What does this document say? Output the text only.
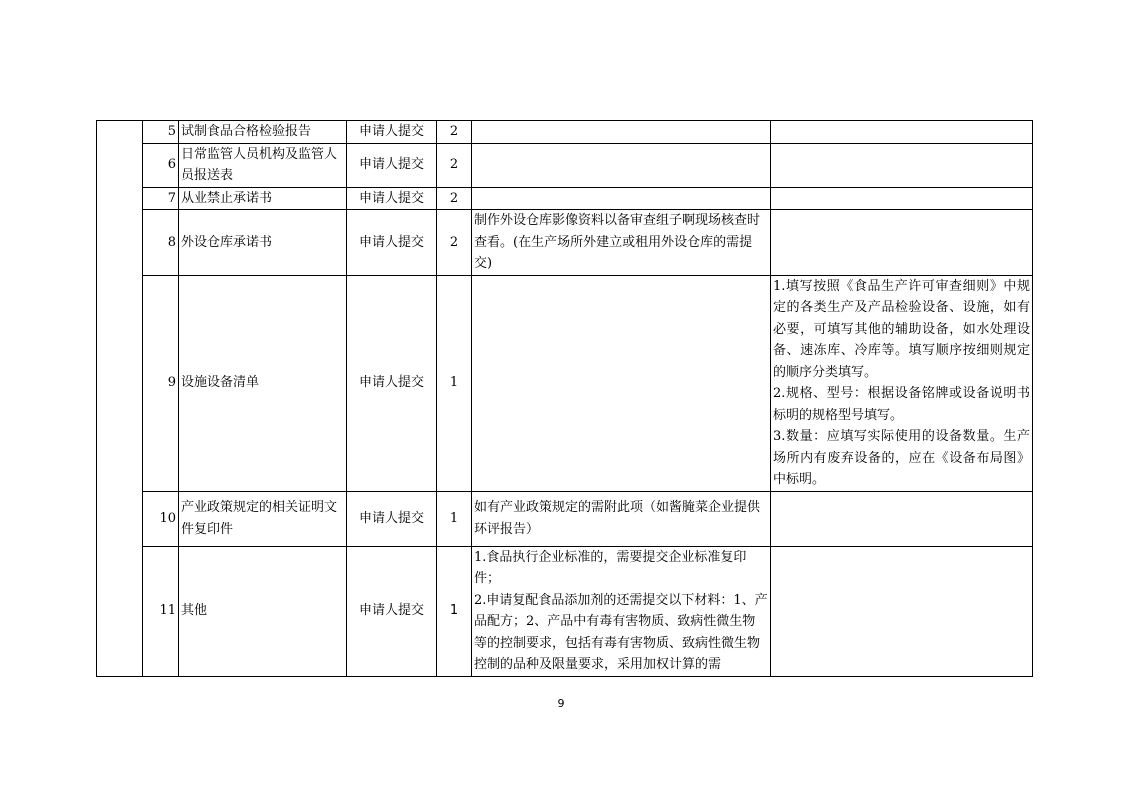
	5	试制食品合格检验报告	申请人提交	2		
	6	日常监管人员机构及监管人员报送表	申请人提交	2		
	7	从业禁止承诺书	申请人提交	2		
	8	外设仓库承诺书	申请人提交	2	制作外设仓库影像资料以备审查组子啊现场核查时查看。(在生产场所外建立或租用外设仓库的需提交)	
	9	设施设备清单	申请人提交	1		1.填写按照《食品生产许可审查细则》中规定的各类生产及产品检验设备、设施，如有必要，可填写其他的辅助设备，如水处理设备、速冻库、冷库等。填写顺序按细则规定的顺序分类填写。
2.规格、型号：根据设备铭牌或设备说明书标明的规格型号填写。
3.数量：应填写实际使用的设备数量。生产场所内有废弃设备的，应在《设备布局图》中标明。
	10	产业政策规定的相关证明文件复印件	申请人提交	1	如有产业政策规定的需附此项（如酱腌菜企业提供环评报告）	
	11	其他	申请人提交	1	1.食品执行企业标准的，需要提交企业标准复印件；
2.申请复配食品添加剂的还需提交以下材料：1、产品配方；2、产品中有毒有害物质、致病性微生物等的控制要求，包括有毒有害物质、致病性微生物控制的品种及限量要求，采用加权计算的需	
9
